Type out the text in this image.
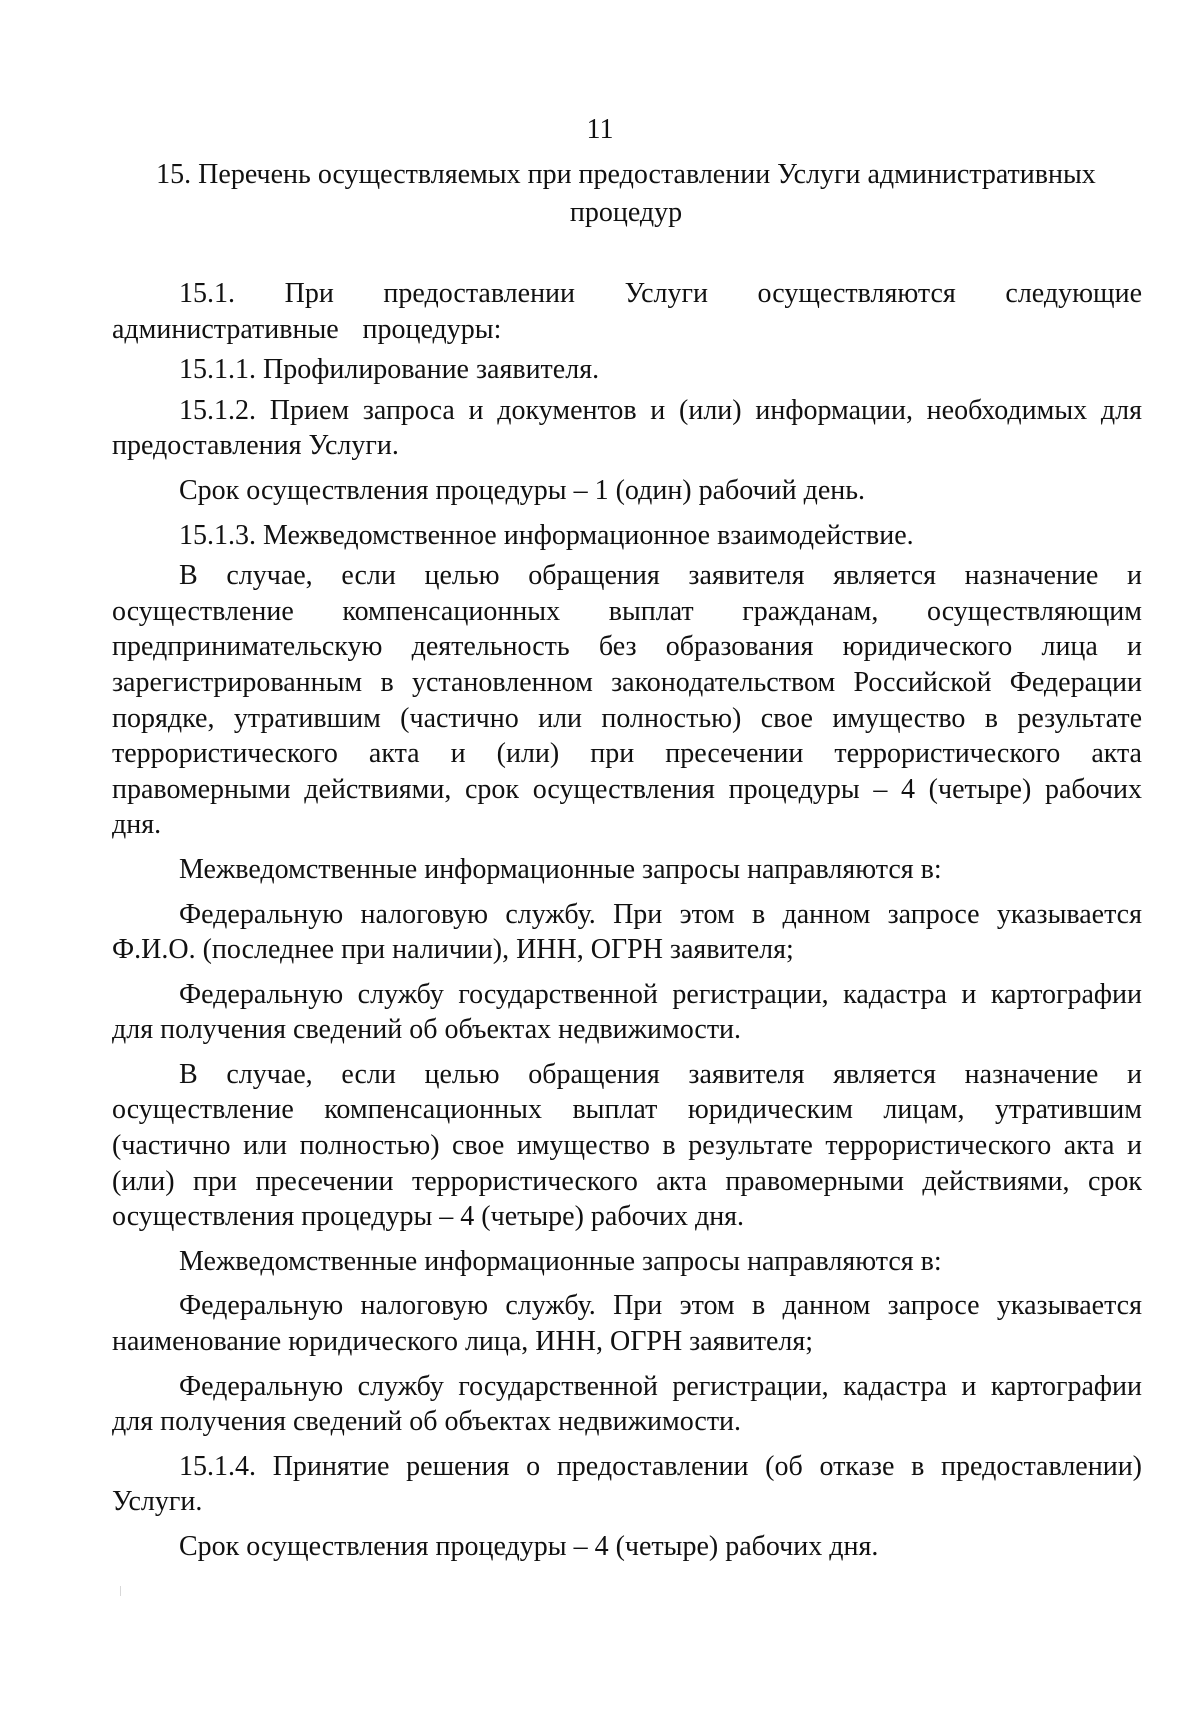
11
15. Перечень осуществляемых при предоставлении Услуги административных процедур

15.1. При предоставлении Услуги осуществляются следующие административные процедуры:

15.1.1. Профилирование заявителя.

15.1.2. Прием запроса и документов и (или) информации, необходимых для предоставления Услуги.

Срок осуществления процедуры – 1 (один) рабочий день.

15.1.3. Межведомственное информационное взаимодействие.

В случае, если целью обращения заявителя является назначение и осуществление компенсационных выплат гражданам, осуществляющим предпринимательскую деятельность без образования юридического лица и зарегистрированным в установленном законодательством Российской Федерации порядке, утратившим (частично или полностью) свое имущество в результате террористического акта и (или) при пресечении террористического акта правомерными действиями, срок осуществления процедуры – 4 (четыре) рабочих дня.

Межведомственные информационные запросы направляются в:

Федеральную налоговую службу. При этом в данном запросе указывается Ф.И.О. (последнее при наличии), ИНН, ОГРН заявителя;

Федеральную службу государственной регистрации, кадастра и картографии для получения сведений об объектах недвижимости.

В случае, если целью обращения заявителя является назначение и осуществление компенсационных выплат юридическим лицам, утратившим (частично или полностью) свое имущество в результате террористического акта и (или) при пресечении террористического акта правомерными действиями, срок осуществления процедуры – 4 (четыре) рабочих дня.

Межведомственные информационные запросы направляются в:

Федеральную налоговую службу. При этом в данном запросе указывается наименование юридического лица, ИНН, ОГРН заявителя;

Федеральную службу государственной регистрации, кадастра и картографии для получения сведений об объектах недвижимости.

15.1.4. Принятие решения о предоставлении (об отказе в предоставлении) Услуги.

Срок осуществления процедуры – 4 (четыре) рабочих дня.
